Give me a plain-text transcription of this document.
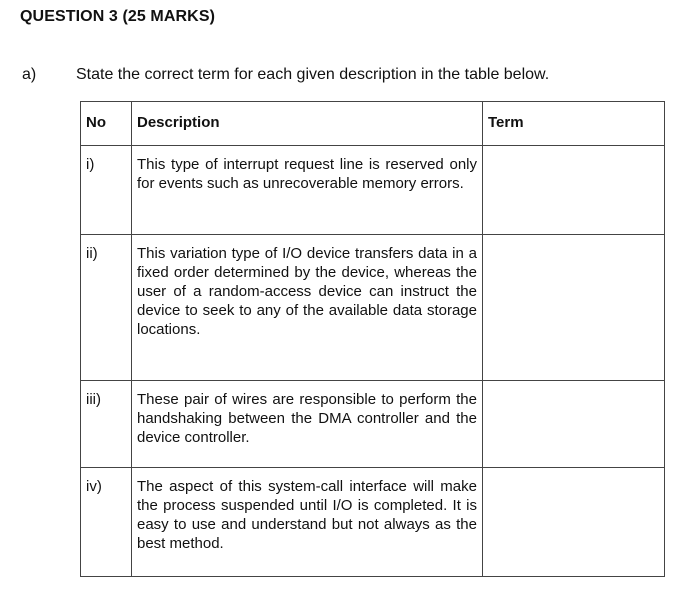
QUESTION 3 (25 MARKS)
a) State the correct term for each given description in the table below.
No	Description	Term

i)	This type of interrupt request line is reserved only for events such as unrecoverable memory errors.	

ii)	This variation type of I/O device transfers data in a fixed order determined by the device, whereas the user of a random-access device can instruct the device to seek to any of the available data storage locations.	

iii)	These pair of wires are responsible to perform the handshaking between the DMA controller and the device controller.	

iv)	The aspect of this system-call interface will make the process suspended until I/O is completed. It is easy to use and understand but not always as the best method.	
